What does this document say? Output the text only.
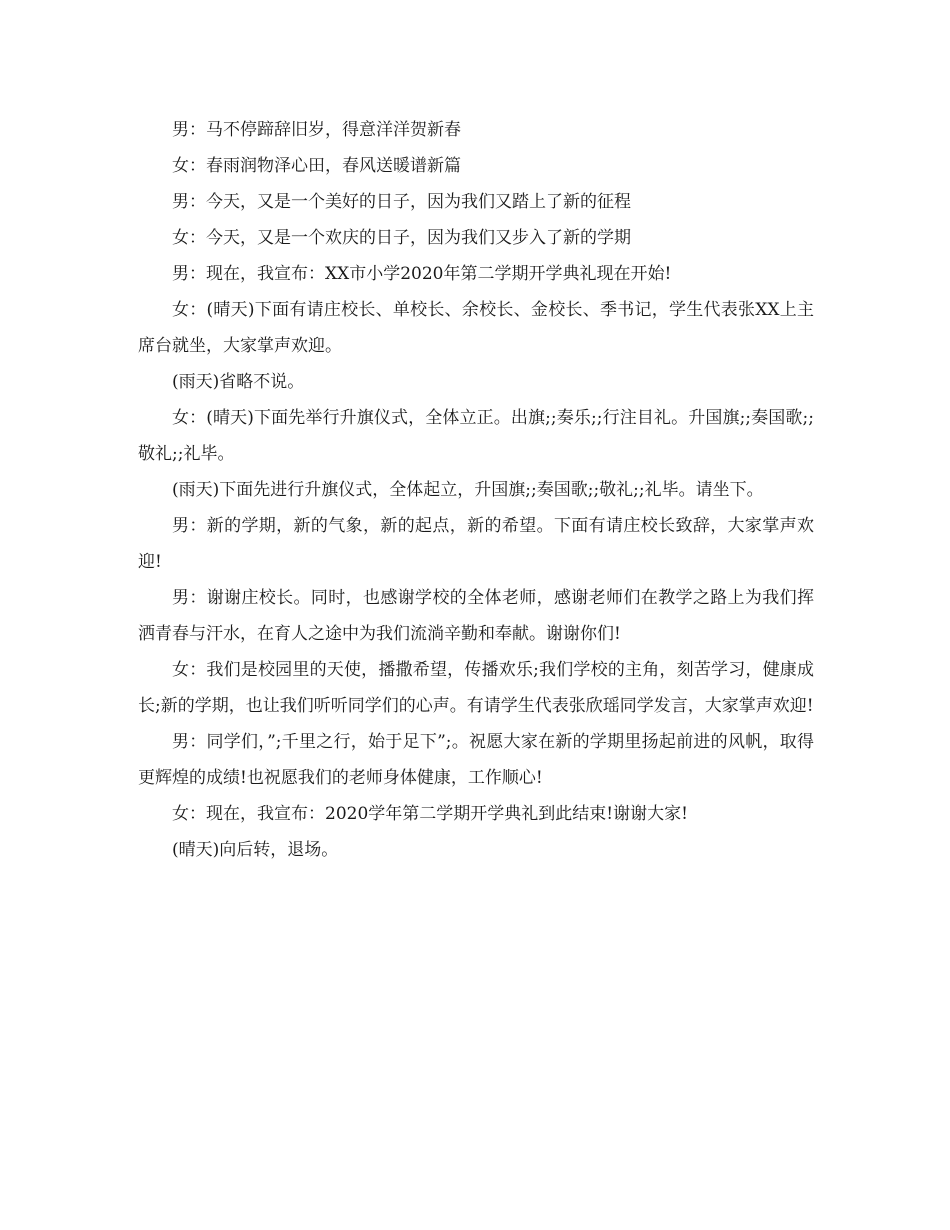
男：马不停蹄辞旧岁，得意洋洋贺新春

女：春雨润物泽心田，春风送暖谱新篇

男：今天，又是一个美好的日子，因为我们又踏上了新的征程

女：今天，又是一个欢庆的日子，因为我们又步入了新的学期

男：现在，我宣布：XX市小学2020年第二学期开学典礼现在开始!

女：(晴天)下面有请庄校长、单校长、余校长、金校长、季书记，学生代表张XX上主席台就坐，大家掌声欢迎。

(雨天)省略不说。

女：(晴天)下面先举行升旗仪式，全体立正。出旗;;奏乐;;行注目礼。升国旗;;奏国歌;;敬礼;;礼毕。

(雨天)下面先进行升旗仪式，全体起立，升国旗;;奏国歌;;敬礼;;礼毕。请坐下。

男：新的学期，新的气象，新的起点，新的希望。下面有请庄校长致辞，大家掌声欢迎!

男：谢谢庄校长。同时，也感谢学校的全体老师，感谢老师们在教学之路上为我们挥洒青春与汗水，在育人之途中为我们流淌辛勤和奉献。谢谢你们!

女：我们是校园里的天使，播撒希望，传播欢乐;我们学校的主角，刻苦学习，健康成长;新的学期，也让我们听听同学们的心声。有请学生代表张欣瑶同学发言，大家掌声欢迎!

男：同学们，”;千里之行，始于足下”;。祝愿大家在新的学期里扬起前进的风帆，取得更辉煌的成绩!也祝愿我们的老师身体健康，工作顺心!

女：现在，我宣布：2020学年第二学期开学典礼到此结束!谢谢大家!

(晴天)向后转，退场。
